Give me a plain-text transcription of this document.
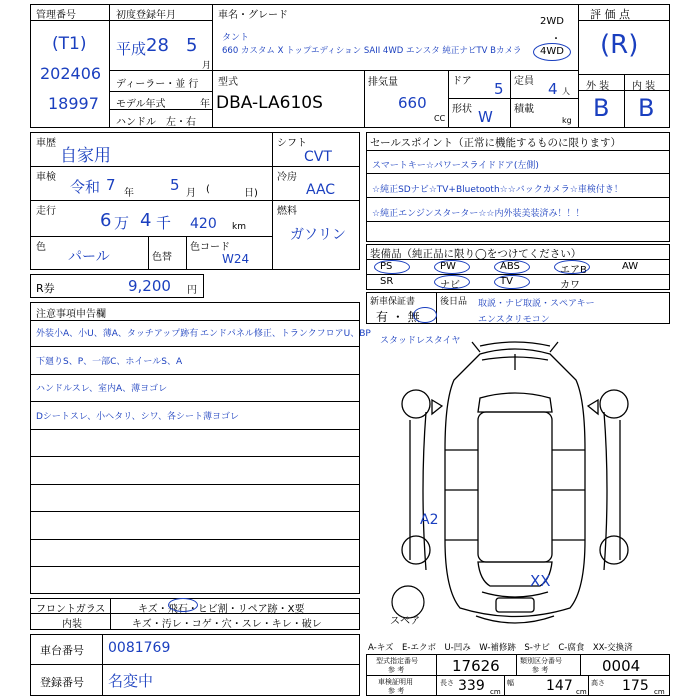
管理番号
(T1)
202406
18997
初度登録年月
平成 28 5
月
車名・グレード
タント
660 カスタム X トップエディション SAII 4WD エンスタ 純正ナビTV Bカメラ
2WD
・
4WD
評 価 点
(R)
外 装 内 装
B B
ディーラー・並 行
モデル年式	年
ハンドル　左・右
型式
DBA-LA610S
排気量
660
CC
ドア 5 定員 4 人
形状 W 積載
kg
車歴
自家用
車検
令和 7 年 5 月 (	日)
走行 6 万 4 千 420 km
色
パール	色替
色コード
W24
シフト
CVT
冷房
AAC
燃料
ガソリン
R券	9,200 円
注意事項申告欄
外装小A、小U、薄A、タッチアップ跡有 エンドパネル修正、トランクフロアU、BP
下廻りS、P、一部C、ホイールS、A
ハンドルスレ、室内A、薄ヨゴレ
Dシートスレ、小ヘタリ、シワ、各シート薄ヨゴレ
フロントガラス	キズ・飛石・ヒビ割・リペア跡・X要
内装	キズ・汚レ・コゲ・穴・スレ・キレ・破レ
車台番号 0081769
登録番号 名変中
セールスポイント（正常に機能するものに限ります）
スマートキー☆パワースライドドア(左側)
☆純正SDナビ☆TV+Bluetooth☆☆バックカメラ☆車検付き！
☆純正エンジンスターター☆☆内外装美装済み！！！
装備品（純正品に限り◯をつけてください）
PS	PW	ABS	エアB	AW
SR	ナビ	TV	カワ
新車保証書
有 ・ 無
後日品 取説・ナビ取説・スペアキー
エンスタリモコン
スタッドレスタイヤ
A2
XX
スペア
A-キズ　E-エクボ　U-凹み　W-補修跡　S-サビ　C-腐食　XX-交換済
型式指定番号
参 考	17626	類別区分番号
参 考	0004
車検証明用
参 考
長さ 339 cm
幅 147 cm
高さ 175 cm
